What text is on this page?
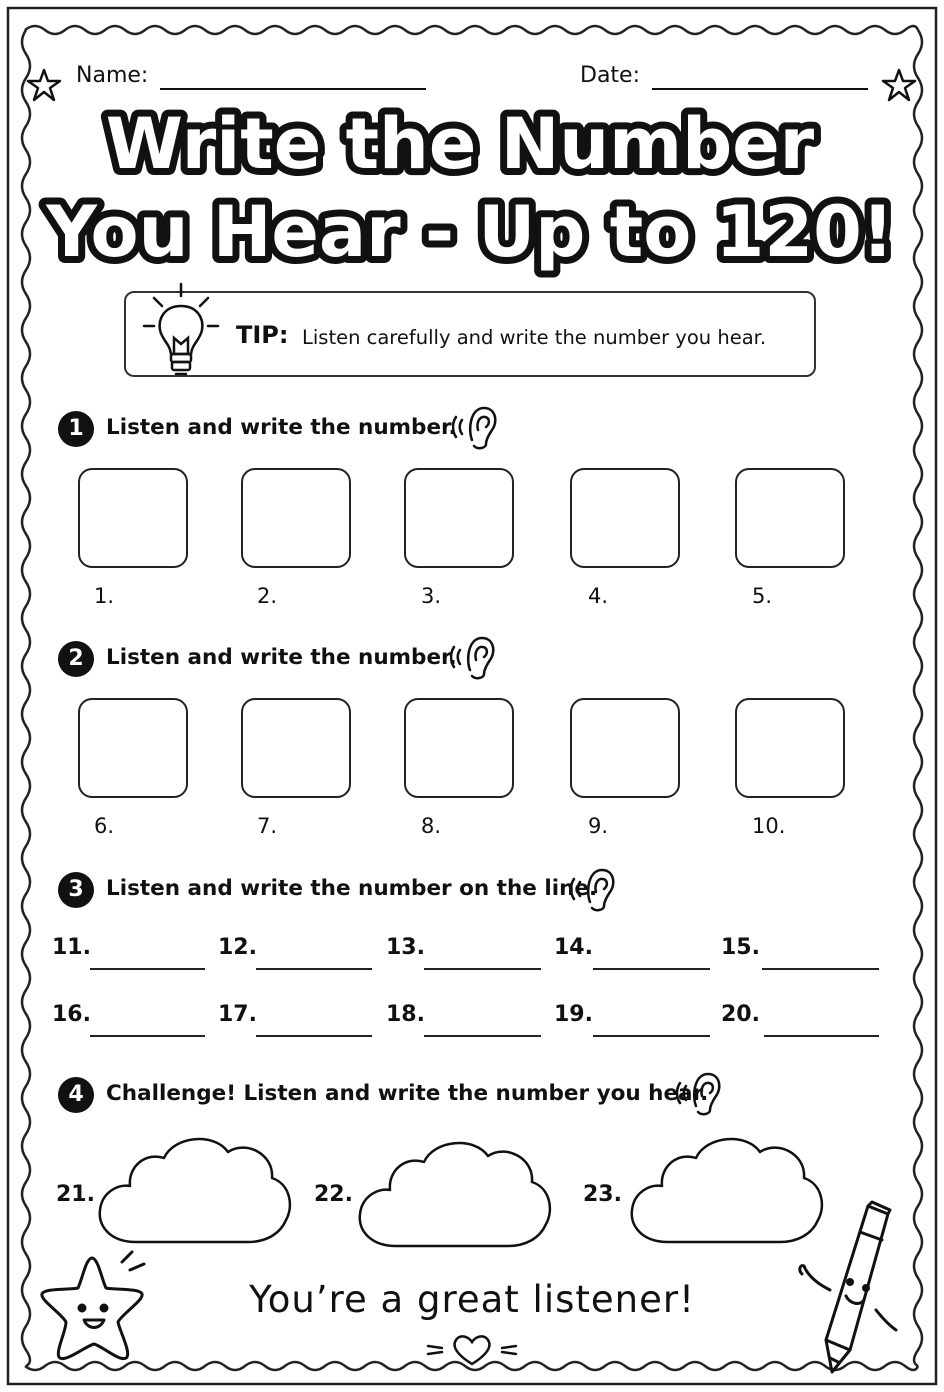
Name:	Date:
Write the Number
You Hear - Up to 120!
TIP: Listen carefully and write the number you hear.
1	Listen and write the number.
1.	2.	3.	4.	5.
2	Listen and write the number.
6.	7.	8.	9.	10.
3	Listen and write the number on the line.
11.	12.	13.	14.	15.
16.	17.	18.	19.	20.
4	Challenge! Listen and write the number you hear.
21.	22.	23.
You’re a great listener!
